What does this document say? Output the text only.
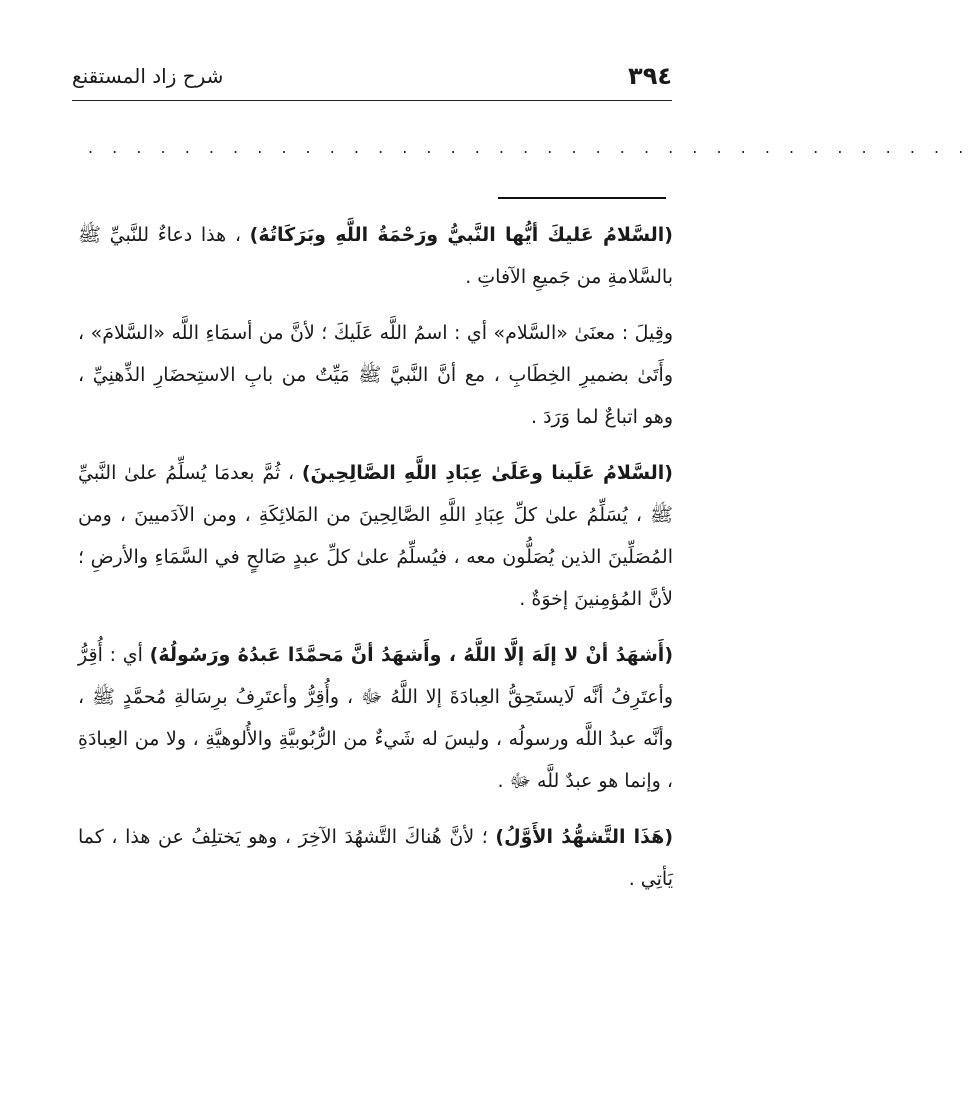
٣٩٤
شرح زاد المستقنع
. . . . . . . . . . . . . . . . . . . . . . . . . . . . . . . . . . . . .

(السَّلامُ عَليكَ أيُّها النَّبيُّ ورَحْمَةُ اللَّهِ وبَرَكَاتُهُ) ، هذا دعاءٌ للنَّبيِّ ﷺ بالسَّلامةِ من جَميعِ الآفاتِ .

وقِيلَ : معنَىٰ «السَّلام» أي : اسمُ اللَّه عَلَيكَ ؛ لأنَّ من أسمَاءِ اللَّه «السَّلامَ» ، وأَتَىٰ بضميرِ الخِطَابِ ، مع أنَّ النَّبيَّ ﷺ مَيِّتٌ من بابِ الاستِحضَارِ الذِّهنِيِّ ، وهو اتباعٌ لما وَرَدَ .

(السَّلامُ عَلَينا وعَلَىٰ عِبَادِ اللَّهِ الصَّالِحِينَ) ، ثُمَّ بعدمَا يُسلِّمُ علىٰ النَّبيِّ ﷺ ، يُسَلِّمُ علىٰ كلِّ عِبَادِ اللَّهِ الصَّالِحِينَ من المَلائِكَةِ ، ومن الآدَميينَ ، ومن المُصَلِّينَ الذين يُصَلُّون معه ، فيُسلِّمُ علىٰ كلِّ عبدٍ صَالحٍ في السَّمَاءِ والأرضِ ؛ لأنَّ المُؤمِنينَ إخوَةٌ .

(أَشهَدُ أنْ لا إلَهَ إلَّا اللَّهُ ، وأَشهَدُ أنَّ مَحمَّدًا عَبدُهُ ورَسُولُهُ) أي : أُقِرُّ وأعتَرِفُ أنَّه لَايستَحِقُّ العِبادَةَ إلا اللَّهُ ﷻ ، وأُقِرُّ وأعتَرِفُ برِسَالةِ مُحمَّدٍ ﷺ ، وأنَّه عبدُ اللَّه ورسولُه ، وليسَ له شَيءٌ من الرُّبُوبيَّةِ والأُلوهيَّةِ ، ولا من العِبادَةِ ، وإنما هو عبدٌ للَّه ﷻ .

(هَذَا التَّشهُّدُ الأَوَّلُ) ؛ لأنَّ هُناكَ التَّشهُدَ الآخِرَ ، وهو يَختلِفُ عن هذا ، كما يَأتِي .
